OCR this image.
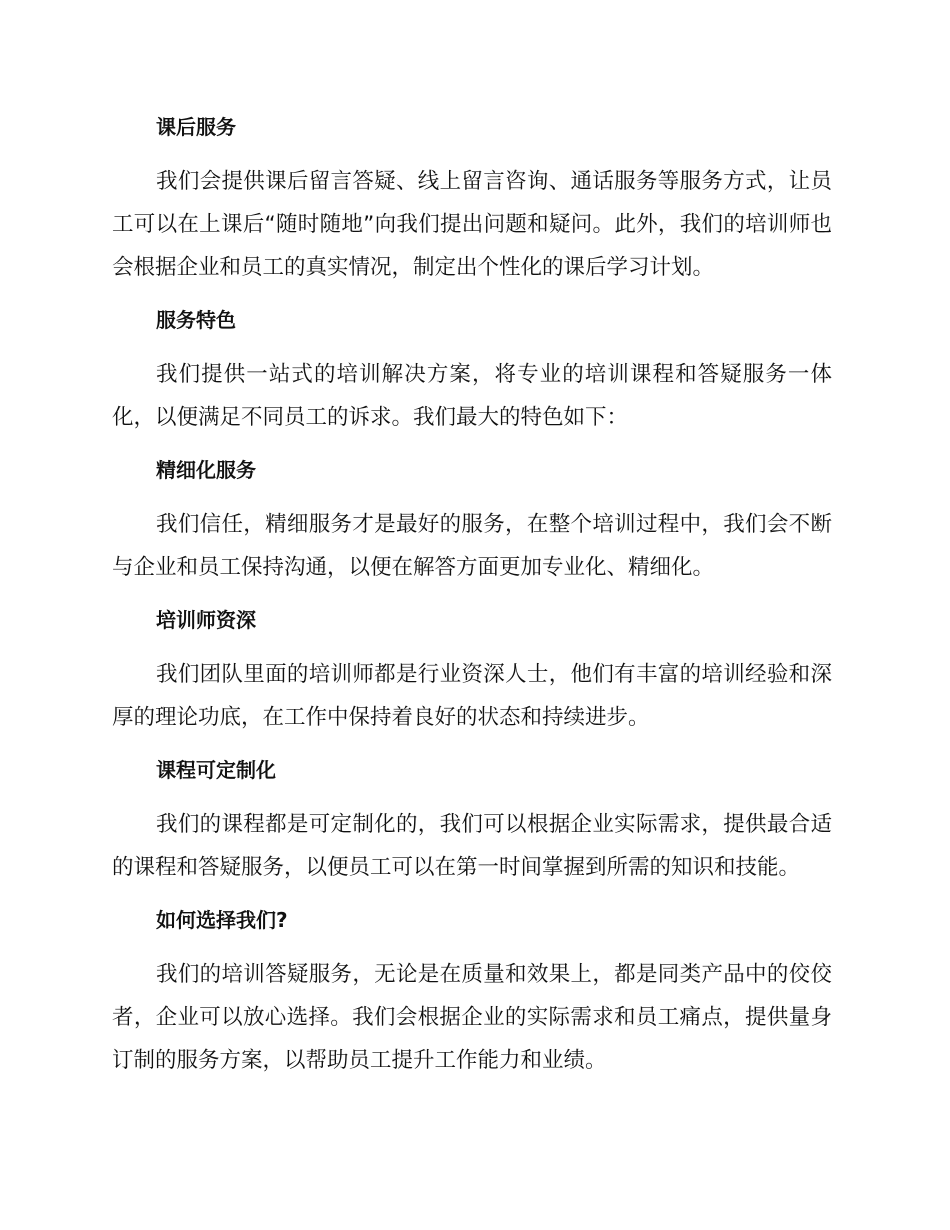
课后服务

我们会提供课后留言答疑、线上留言咨询、通话服务等服务方式，让员工可以在上课后“随时随地”向我们提出问题和疑问。此外，我们的培训师也会根据企业和员工的真实情况，制定出个性化的课后学习计划。

服务特色

我们提供一站式的培训解决方案，将专业的培训课程和答疑服务一体化，以便满足不同员工的诉求。我们最大的特色如下：

精细化服务

我们信任，精细服务才是最好的服务，在整个培训过程中，我们会不断与企业和员工保持沟通，以便在解答方面更加专业化、精细化。

培训师资深

我们团队里面的培训师都是行业资深人士，他们有丰富的培训经验和深厚的理论功底，在工作中保持着良好的状态和持续进步。

课程可定制化

我们的课程都是可定制化的，我们可以根据企业实际需求，提供最合适的课程和答疑服务，以便员工可以在第一时间掌握到所需的知识和技能。

如何选择我们?

我们的培训答疑服务，无论是在质量和效果上，都是同类产品中的佼佼者，企业可以放心选择。我们会根据企业的实际需求和员工痛点，提供量身订制的服务方案，以帮助员工提升工作能力和业绩。
